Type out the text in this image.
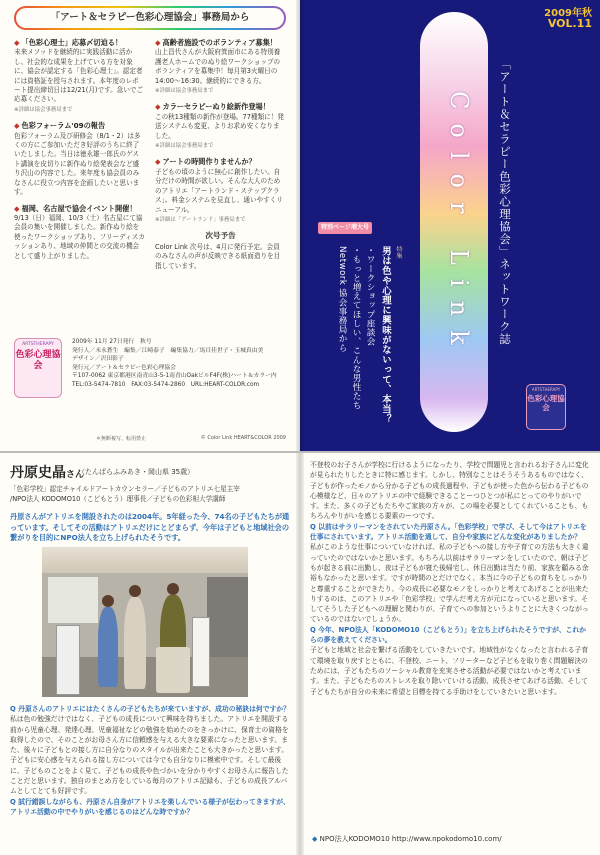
「アート＆セラピー色彩心理協会」事務局から
◆ 「色彩心理士」応募〆切迫る！
未来メソッドを継続的に実践活動に活かし、社会的な成果を上げている方を対象に、協会が認定する「色彩心理士」。認定者には資格証を授与されます。本年度のレポート提出締切日は12/21(月)です。急いでご応募ください。
※詳細は協会事務局まで
◆ 色彩フォーラム'09の報告
色彩フォーラム及び研修会（8/1・2）は多くの方にご参加いただき好評のうちに終了いたしました。当日は徳永雄一郎氏のゲスト講演を皮切りに新作ぬり絵発表会など盛り沢山の内容でした。来年度も協会員のみなさんに役立つ内容を企画したいと思います。
◆ 福岡、名古屋で協会イベント開催！
9/13（日）福岡、10/3（土）名古屋にて協会員の集いを開催しました。新作ぬり絵を使ったワークショップあり、フリーディスカッションあり、地域の仲間との交流の機会として盛り上がりました。
◆ 高齢者施設でのボランティア募集！
山上昌代さんが大阪府箕面市にある特別養護老人ホームでのぬり絵ワークショップのボランティアを募集中！毎月第3火曜日の14:00〜16:30。継続的にできる方。
※詳細は協会事務局まで
◆ カラーセラピーぬり絵新作登場！
この秋13種類の新作が登場。77種類に！発送システムも変更、よりお求め安くなりました。
※詳細は協会事務局まで
◆ アートの時間作りませんか？
子どもの頃のように無心に創作したい。自分だけの時間が欲しい。そんな大人のためのアトリエ「アートランド・ステップクラス」。料金システムを見直し、通いやすくリニューアル。
※詳細は「アートランド」事務局まで
次号予告
Color Link 次号は、4月に発行予定。会員のみなさんの声が反映できる紙面造りを目指しています。
ARTSTHERAPY
色彩心理協会
2009年 11月 27日発行　秋号
発行人／末永蒼生　編集／江崎泰子　編集協力／馬目佳世子・玉城真由美
デザイン／沢田影子
発行元／アート＆セラピー色彩心理協会
〒107-0062 東京都港区南青山3-5-1南青山OakビルF4F(株)ハート＆カラー内
TEL:03-5474-7810　FAX:03-5474-2860　URL:HEART-COLOR.com
＊無断複写、転用禁止	© Color Link HEART&COLOR 2009
2009年秋
VOL.11
Color Link 「アート＆セラピー色彩心理協会」ネットワーク誌
特別ページ増大号
特集
男は色や心理に興味がないって、本当？
・ワークショップ座談会
・もっと増えてほしい、こんな男性たち
Network 協会事務局から
ARTSTHERAPY
色彩心理協会
丹原史晶さん
（たんばらふみあき・岡山県 35歳）
「色彩学校」認定チャイルドアートカウンセラー／子どものアトリエ七星主宰
/NPO法人 KODOMO10（こどもとう）理事長／子どもの色彩相大学講師
丹原さんがアトリエを開設されたのは2004年。5年経った今、74名の子どもたちが通っています。そしてその活動はアトリエだけにとどまらず、今年は子どもと地域社会の繋がりを目的にNPO法人を立ち上げられたそうです。
Q 丹原さんのアトリエにはたくさんの子どもたちが来ていますが、成功の秘訣は何ですか？
私は色の勉強だけではなく、子どもの成長について興味を持ちました。アトリエを開設する前から児童心理、発達心理、児童福祉などの勉強を始めたのをきっかけに、保育士の資格を取得したので、そのことがお母さん方に信頼感を与える大きな要素になったと思います。また、後々に子どもとの接し方に自分なりのスタイルが出来たことも大きかったと思います。子どもに安心感を与えられる接し方については今でも自分なりに模索中です。そして最後に、子どものことをよく見て、子どもの成長や色づかいを分かりやすくお母さんに報告したことだと思います。独自のまとめ方をしている毎月のアトリエ記録も、子どもの成長アルバムとしてとても好評です。
Q 試行錯誤しながらも、丹原さん自身がアトリエを楽しんでいる様子が伝わってきますが、アトリエ活動の中でやりがいを感じるのはどんな時ですか？

不登校のお子さんが学校に行けるようになったり、学校で問題児と言われるお子さんに変化が見られたりしたときに特に感じます。しかし、特別なことはそうそうあるものではなく、子どもが作ったモノから分かる子どもの成長過程や、子どもが使った色から伝わる子どもの心模様など、日々のアトリエの中で経験できることーつひとつが私にとってのやりがいです。また、多くの子どもたちやご家族の方々が、この場を必要としてくれていることも、もちろんやりがいを感じる要素のーつです。

Q 以前はサラリーマンをされていた丹原さん。「色彩学校」で学び、そして今はアトリエを仕事にされています。アトリエ活動を通して、自分や家族にどんな変化がありましたか？

私がこのような仕事についていなければ、私の子どもへの接し方や子育ての方法も大きく違っていたのではないかと思います。もちろん以前はサラリーマンをしていたので、朝は子どもが起きる前に出勤し、夜は子どもが寝た後帰宅し、休日出勤は当たり前、家族を顧みる余裕もなかったと思います。ですが時間のとだけでなく、本当に今の子どもの育ちをしっかりと尊重することができたり、今の成長に必要なモノをしっかりと考えてあげることが出来たりするのは、このアトリエや「色彩学校」で学んだ考え方が元になっていると思います。そしてそうした子どもへの理解と関わりが、子育てへの参加というよりことに大きくつながっているのではないでしょうか。

Q 今年、NPO法人「KODOMO10（こどもとう）」を立ち上げられたそうですが、これからの夢を教えてください。

子どもと地域と社会を繋げる活動をしていきたいです。地域性がなくなったと言われる子育て環境を取り戻すとともに、不登校、ニート、フリーターなど子どもを取り巻く問題解決のためには、子どもたちのソーシャル教育を充実させる活動が必要ではないかと考えています。また、子どもたちのストレスを取り除いていける活動、成長させてあげる活動、そして子どもたちが自分の未来に希望と目標を持てる手助けをしていきたいと思います。

◆ NPO法人KODOMO10 http://www.npokodomo10.com/
